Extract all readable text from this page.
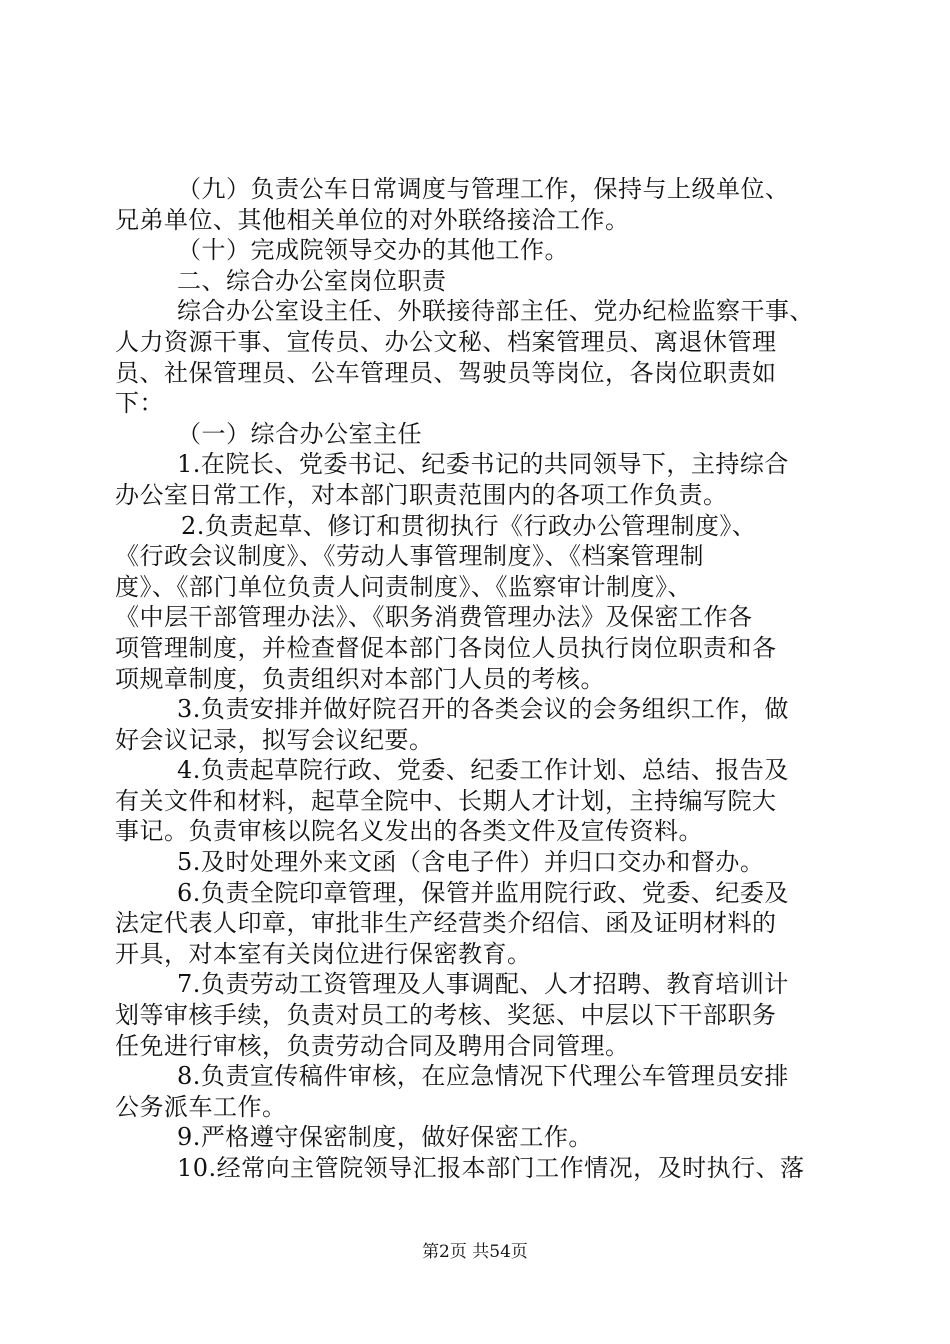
（九）负责公车日常调度与管理工作，保持与上级单位、
兄弟单位、其他相关单位的对外联络接洽工作。
（十）完成院领导交办的其他工作。
二、综合办公室岗位职责
综合办公室设主任、外联接待部主任、党办纪检监察干事、
人力资源干事、宣传员、办公文秘、档案管理员、离退休管理
员、社保管理员、公车管理员、驾驶员等岗位，各岗位职责如
下：
（一）综合办公室主任
1.在院长、党委书记、纪委书记的共同领导下，主持综合
办公室日常工作，对本部门职责范围内的各项工作负责。
2.负责起草、修订和贯彻执行《行政办公管理制度》、
《行政会议制度》、《劳动人事管理制度》、《档案管理制
度》、《部门单位负责人问责制度》、《监察审计制度》、
《中层干部管理办法》、《职务消费管理办法》及保密工作各
项管理制度，并检查督促本部门各岗位人员执行岗位职责和各
项规章制度，负责组织对本部门人员的考核。
3.负责安排并做好院召开的各类会议的会务组织工作，做
好会议记录，拟写会议纪要。
4.负责起草院行政、党委、纪委工作计划、总结、报告及
有关文件和材料，起草全院中、长期人才计划，主持编写院大
事记。负责审核以院名义发出的各类文件及宣传资料。
5.及时处理外来文函（含电子件）并归口交办和督办。
6.负责全院印章管理，保管并监用院行政、党委、纪委及
法定代表人印章，审批非生产经营类介绍信、函及证明材料的
开具，对本室有关岗位进行保密教育。
7.负责劳动工资管理及人事调配、人才招聘、教育培训计
划等审核手续，负责对员工的考核、奖惩、中层以下干部职务
任免进行审核，负责劳动合同及聘用合同管理。
8.负责宣传稿件审核，在应急情况下代理公车管理员安排
公务派车工作。
9.严格遵守保密制度，做好保密工作。
10.经常向主管院领导汇报本部门工作情况，及时执行、落
第2页 共54页
